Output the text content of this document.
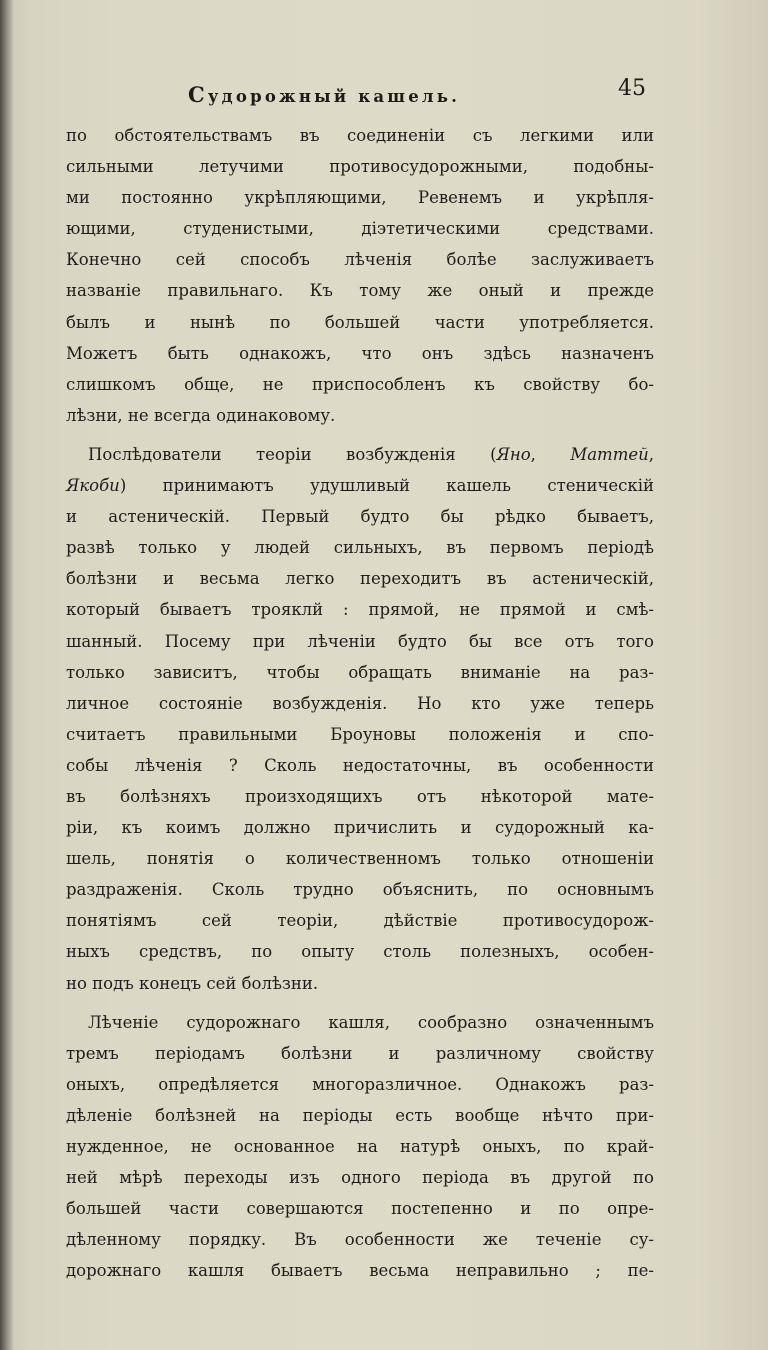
Судорожный кашель.	45
по обстоятельствамъ въ соединенiи съ легкими или
сильными летучими противосудорожными, подобны-
ми постоянно укрѣпляющими, Ревенемъ и укрѣпля-
ющими, студенистыми, дiэтетическими средствами.
Конечно сей способъ лѣченiя болѣе заслуживаетъ
названiе правильнаго. Къ тому же оный и прежде
былъ и нынѣ по большей части употребляется.
Можетъ быть однакожъ, что онъ здѣсь назначенъ
слишкомъ обще, не приспособленъ къ свойству бо-
лѣзни, не всегда одинаковому.
Послѣдователи теорiи возбужденiя (Яно, Маттей,
Якоби) принимаютъ удушливый кашель стеническiй
и астеническiй. Первый будто бы рѣдко бываетъ,
развѣ только у людей сильныхъ, въ первомъ перiодѣ
болѣзни и весьма легко переходитъ въ астеническiй,
который бываетъ трояклй : прямой, не прямой и смѣ-
шанный. Посему при лѣченiи будто бы все отъ того
только зависитъ, чтобы обращать вниманiе на раз-
личное состоянiе возбужденiя. Но кто уже теперь
считаетъ правильными Броуновы положенiя и спо-
собы лѣченiя ? Сколь недостаточны, въ особенности
въ болѣзняхъ произходящихъ отъ нѣкоторой мате-
рiи, къ коимъ должно причислить и судорожный ка-
шель, понятiя о количественномъ только отношенiи
раздраженiя. Сколь трудно объяснить, по основнымъ
понятiямъ сей теорiи, дѣйствiе противосудорож-
ныхъ средствъ, по опыту столь полезныхъ, особен-
но подъ конецъ сей болѣзни.
Лѣченiе судорожнаго кашля, сообразно означеннымъ
тремъ перiодамъ болѣзни и различному свойству
оныхъ, опредѣляется многоразличное. Однакожъ раз-
дѣленiе болѣзней на перiоды есть вообще нѣчто при-
нужденное, не основанное на натурѣ оныхъ, по край-
ней мѣрѣ переходы изъ одного перiода въ другой по
большей части совершаются постепенно и по опре-
дѣленному порядку. Въ особенности же теченiе су-
дорожнаго кашля бываетъ весьма неправильно ; пе-
